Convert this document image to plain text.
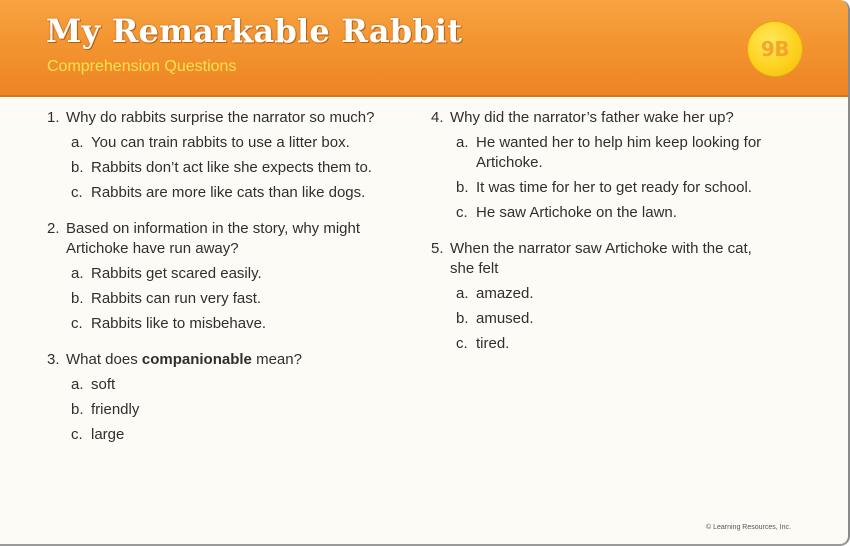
My Remarkable Rabbit
Comprehension Questions
9B
1. Why do rabbits surprise the narrator so much?
a. You can train rabbits to use a litter box.
b. Rabbits don’t act like she expects them to.
c. Rabbits are more like cats than like dogs.
2. Based on information in the story, why might Artichoke have run away?
a. Rabbits get scared easily.
b. Rabbits can run very fast.
c. Rabbits like to misbehave.
3. What does companionable mean?
a. soft
b. friendly
c. large
4. Why did the narrator’s father wake her up?
a. He wanted her to help him keep looking for Artichoke.
b. It was time for her to get ready for school.
c. He saw Artichoke on the lawn.
5. When the narrator saw Artichoke with the cat, she felt
a. amazed.
b. amused.
c. tired.
© Learning Resources, Inc.
